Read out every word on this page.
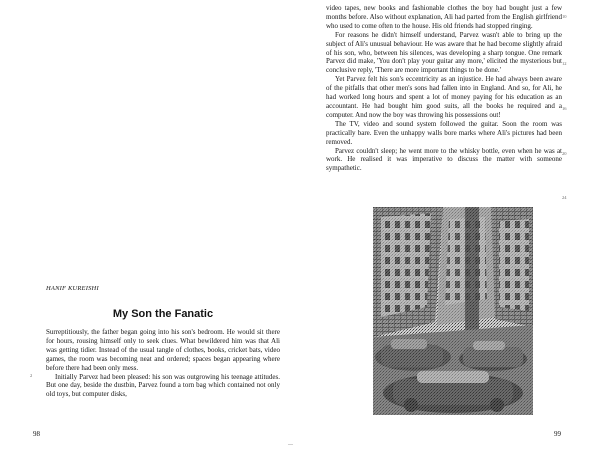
HANIF KUREISHI
My Son the Fanatic

Surreptitiously, the father began going into his son's bedroom. He would sit there for hours, rousing himself only to seek clues. What bewildered him was that Ali was getting tidier. Instead of the usual tangle of clothes, books, cricket bats, video games, the room was becoming neat and ordered; spaces began appearing where before there had been only mess.

Initially Parvez had been pleased: his son was outgrowing his teenage attitudes. But one day, beside the dustbin, Parvez found a torn bag which contained not only old toys, but computer disks,

2
98

video tapes, new books and fashionable clothes the boy had bought just a few months before. Also without explanation, Ali had parted from the English girlfriend who used to come often to the house. His old friends had stopped ringing.

For reasons he didn't himself understand, Parvez wasn't able to bring up the subject of Ali's unusual behaviour. He was aware that he had become slightly afraid of his son, who, between his silences, was developing a sharp tongue. One remark Parvez did make, 'You don't play your guitar any more,' elicited the mysterious but conclusive reply, 'There are more important things to be done.'

Yet Parvez felt his son's eccentricity as an injustice. He had always been aware of the pitfalls that other men's sons had fallen into in England. And so, for Ali, he had worked long hours and spent a lot of money paying for his education as an accountant. He had bought him good suits, all the books he required and a computer. And now the boy was throwing his possessions out!

The TV, video and sound system followed the guitar. Soon the room was practically bare. Even the unhappy walls bore marks where Ali's pictures had been removed.

Parvez couldn't sleep; he went more to the whisky bottle, even when he was at work. He realised it was imperative to discuss the matter with someone sympathetic.

10
12
16
20
24
99
—
